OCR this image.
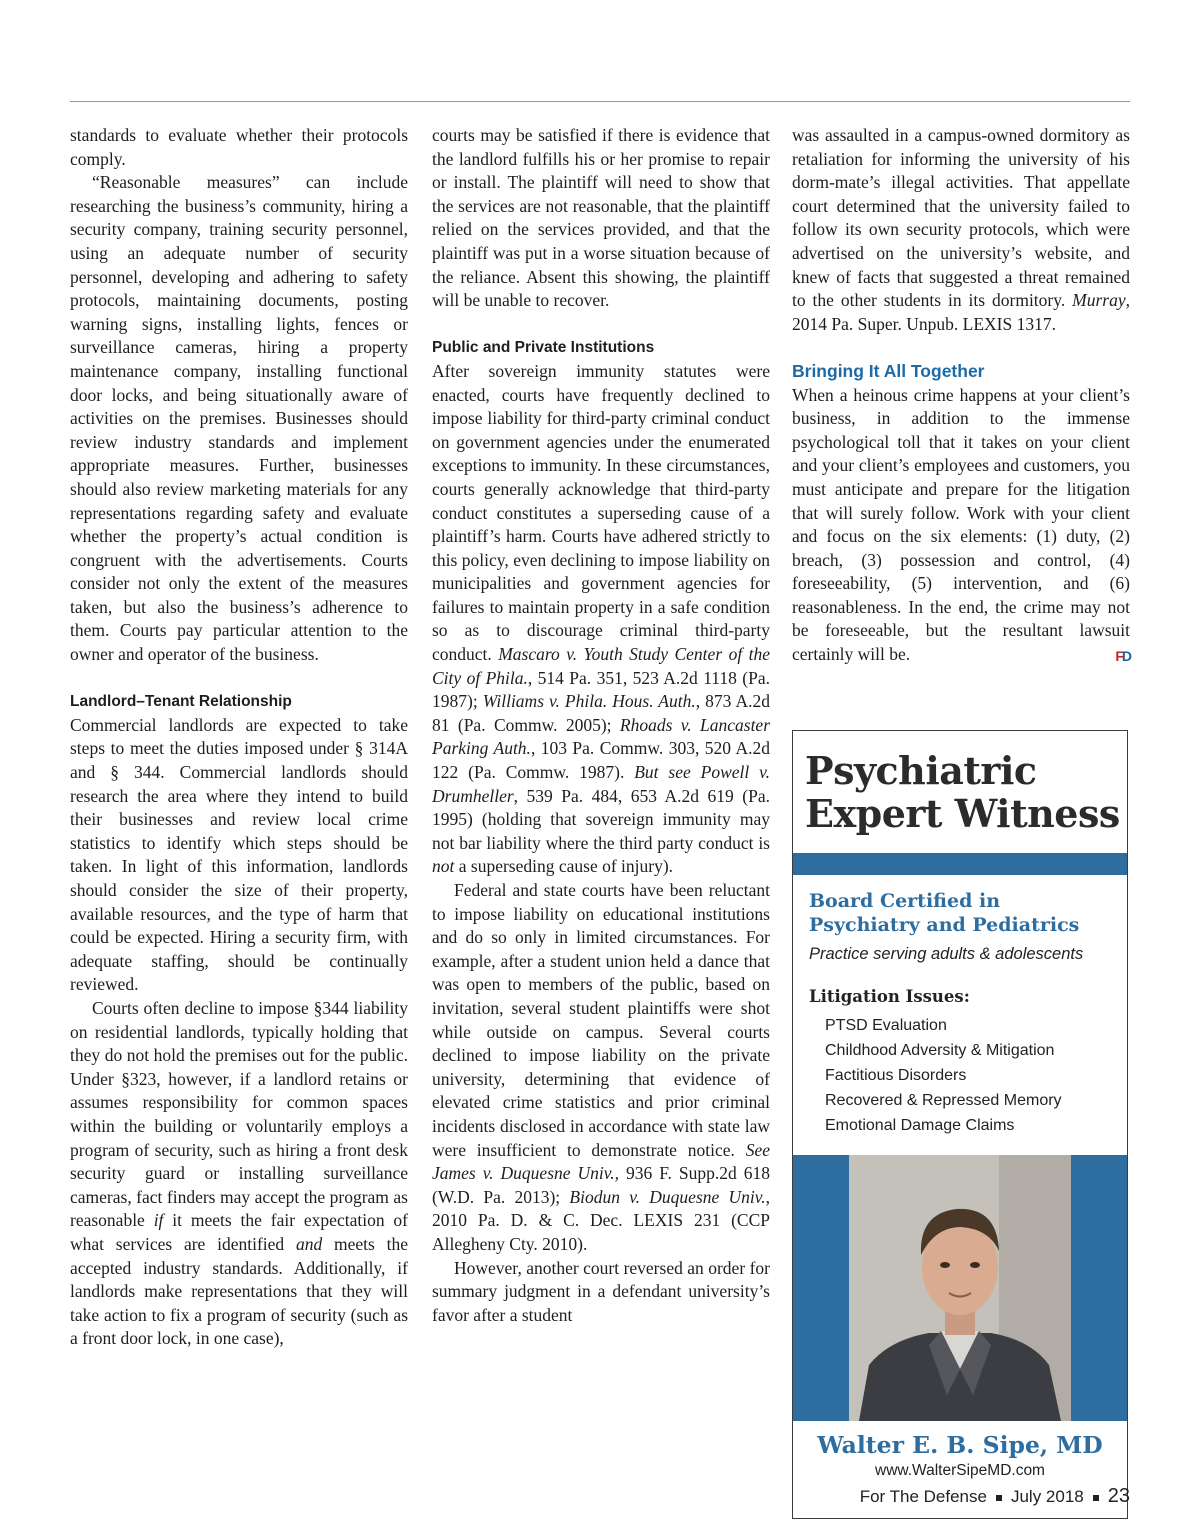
standards to evaluate whether their protocols comply.

“Reasonable measures” can include researching the business’s community, hiring a security company, training security personnel, using an adequate number of security personnel, developing and adhering to safety protocols, maintaining documents, posting warning signs, installing lights, fences or surveillance cameras, hiring a property maintenance company, installing functional door locks, and being situationally aware of activities on the premises. Businesses should review industry standards and implement appropriate measures. Further, businesses should also review marketing materials for any representations regarding safety and evaluate whether the property’s actual condition is congruent with the advertisements. Courts consider not only the extent of the measures taken, but also the business’s adherence to them. Courts pay particular attention to the owner and operator of the business.

Landlord–Tenant Relationship

Commercial landlords are expected to take steps to meet the duties imposed under § 314A and § 344. Commercial landlords should research the area where they intend to build their businesses and review local crime statistics to identify which steps should be taken. In light of this information, landlords should consider the size of their property, available resources, and the type of harm that could be expected. Hiring a security firm, with adequate staffing, should be continually reviewed.

Courts often decline to impose §344 liability on residential landlords, typically holding that they do not hold the premises out for the public. Under §323, however, if a landlord retains or assumes responsibility for common spaces within the building or voluntarily employs a program of security, such as hiring a front desk security guard or installing surveillance cameras, fact finders may accept the program as reasonable if it meets the fair expectation of what services are identified and meets the accepted industry standards. Additionally, if landlords make representations that they will take action to fix a program of security (such as a front door lock, in one case),

courts may be satisfied if there is evidence that the landlord fulfills his or her promise to repair or install. The plaintiff will need to show that the services are not reasonable, that the plaintiff relied on the services provided, and that the plaintiff was put in a worse situation because of the reliance. Absent this showing, the plaintiff will be unable to recover.

Public and Private Institutions

After sovereign immunity statutes were enacted, courts have frequently declined to impose liability for third-party criminal conduct on government agencies under the enumerated exceptions to immunity. In these circumstances, courts generally acknowledge that third-party conduct constitutes a superseding cause of a plaintiff’s harm. Courts have adhered strictly to this policy, even declining to impose liability on municipalities and government agencies for failures to maintain property in a safe condition so as to discourage criminal third-party conduct. Mascaro v. Youth Study Center of the City of Phila., 514 Pa. 351, 523 A.2d 1118 (Pa. 1987); Williams v. Phila. Hous. Auth., 873 A.2d 81 (Pa. Commw. 2005); Rhoads v. Lancaster Parking Auth., 103 Pa. Commw. 303, 520 A.2d 122 (Pa. Commw. 1987). But see Powell v. Drumheller, 539 Pa. 484, 653 A.2d 619 (Pa. 1995) (holding that sovereign immunity may not bar liability where the third party conduct is not a superseding cause of injury).

Federal and state courts have been reluctant to impose liability on educational institutions and do so only in limited circumstances. For example, after a student union held a dance that was open to members of the public, based on invitation, several student plaintiffs were shot while outside on campus. Several courts declined to impose liability on the private university, determining that evidence of elevated crime statistics and prior criminal incidents disclosed in accordance with state law were insufficient to demonstrate notice. See James v. Duquesne Univ., 936 F. Supp.2d 618 (W.D. Pa. 2013); Biodun v. Duquesne Univ., 2010 Pa. D. & C. Dec. LEXIS 231 (CCP Allegheny Cty. 2010).

However, another court reversed an order for summary judgment in a defendant university’s favor after a student

was assaulted in a campus-owned dormitory as retaliation for informing the university of his dorm-mate’s illegal activities. That appellate court determined that the university failed to follow its own security protocols, which were advertised on the university’s website, and knew of facts that suggested a threat remained to the other students in its dormitory. Murray, 2014 Pa. Super. Unpub. LEXIS 1317.

Bringing It All Together

When a heinous crime happens at your client’s business, in addition to the immense psychological toll that it takes on your client and your client’s employees and customers, you must anticipate and prepare for the litigation that will surely follow. Work with your client and focus on the six elements: (1) duty, (2) breach, (3) possession and control, (4) foreseeability, (5) intervention, and (6) reasonableness. In the end, the crime may not be foreseeable, but the resultant lawsuit certainly will be.	FD

Psychiatric
Expert Witness
Board Certified in
Psychiatry and Pediatrics
Practice serving adults & adolescents
Litigation Issues:
PTSD Evaluation
Childhood Adversity & Mitigation
Factitious Disorders
Recovered & Repressed Memory
Emotional Damage Claims
Walter E. B. Sipe, MD
www.WalterSipeMD.com
For The Defense July 2018 23
